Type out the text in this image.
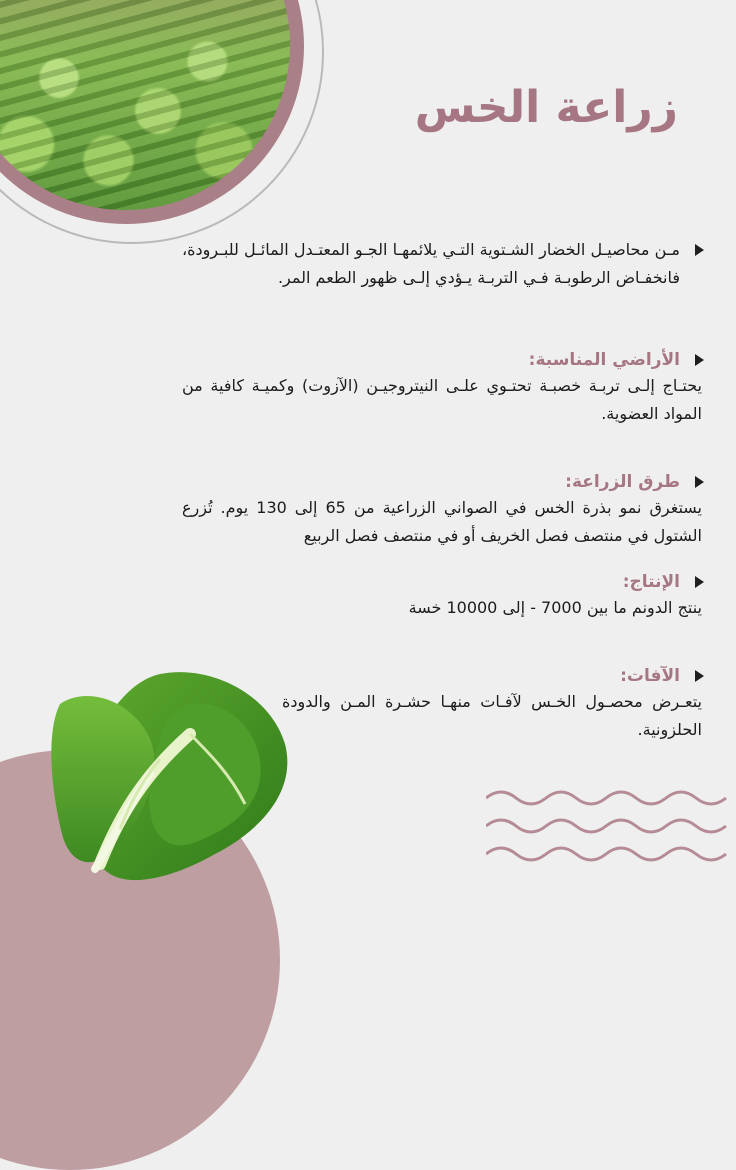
زراعة الخس

مـن محاصيـل الخضار الشـتوية التـي يلائمهـا الجـو المعتـدل المائـل للبـرودة، فانخفـاض الرطوبـة فـي التربـة يـؤدي إلـى ظهور الطعم المر.

الأراضي المناسبة:

يحتـاج إلـى تربـة خصبـة تحتـوي علـى النيتروجيـن (الآزوت) وكميـة كافية من المواد العضوية.

طرق الزراعة:

يستغرق نمو بذرة الخس في الصواني الزراعية من 65 إلى 130 يوم. تُزرع الشتول في منتصف فصل الخريف أو في منتصف فصل الربيع

الإنتاج:

ينتج الدونم ما بين 7000 - إلى 10000 خسة

الآفات:

يتعـرض محصـول الخـس لآفـات منهـا حشـرة المـن والدودة الحلزونية.
